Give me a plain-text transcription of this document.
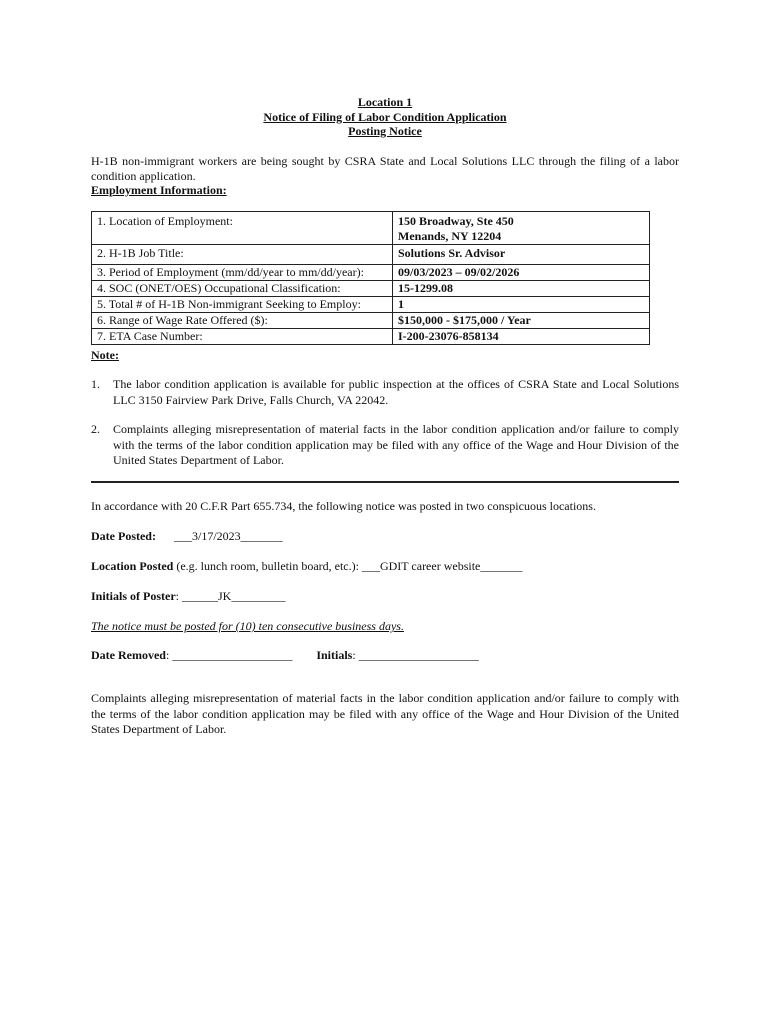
Location 1
Notice of Filing of Labor Condition Application
Posting Notice
H-1B non-immigrant workers are being sought by CSRA State and Local Solutions LLC through the filing of a labor condition application.
Employment Information:
1. Location of Employment:	150 Broadway, Ste 450
Menands, NY 12204

2. H-1B Job Title:	Solutions Sr. Advisor
3. Period of Employment (mm/dd/year to mm/dd/year):	09/03/2023 – 09/02/2026
4. SOC (ONET/OES) Occupational Classification:	15-1299.08
5. Total # of H-1B Non-immigrant Seeking to Employ:	1
6. Range of Wage Rate Offered ($):	$150,000 - $175,000 / Year
7. ETA Case Number:	I-200-23076-858134
Note:
1.	The labor condition application is available for public inspection at the offices of CSRA State and Local Solutions LLC 3150 Fairview Park Drive, Falls Church, VA 22042.
2.	Complaints alleging misrepresentation of material facts in the labor condition application and/or failure to comply with the terms of the labor condition application may be filed with any office of the Wage and Hour Division of the United States Department of Labor.
In accordance with 20 C.F.R Part 655.734, the following notice was posted in two conspicuous locations.
Date Posted: ___3/17/2023_______
Location Posted (e.g. lunch room, bulletin board, etc.): ___GDIT career website_______
Initials of Poster: ______JK_________
The notice must be posted for (10) ten consecutive business days.
Date Removed: ____________________ Initials: ____________________
Complaints alleging misrepresentation of material facts in the labor condition application and/or failure to comply with the terms of the labor condition application may be filed with any office of the Wage and Hour Division of the United States Department of Labor.
